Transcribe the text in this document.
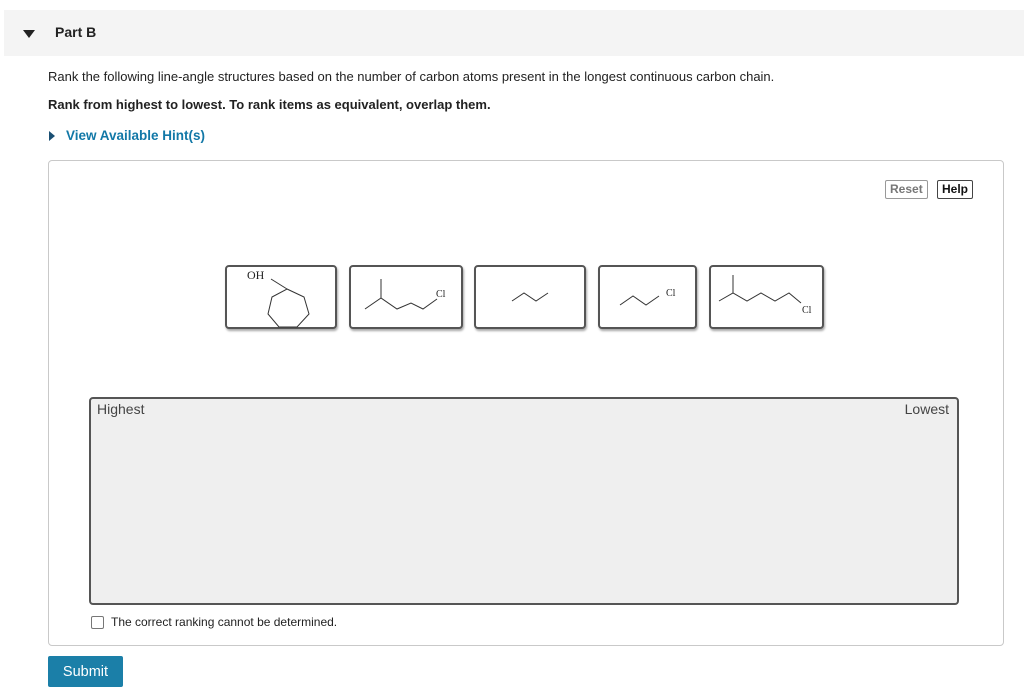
Part B
Rank the following line-angle structures based on the number of carbon atoms present in the longest continuous carbon chain.
Rank from highest to lowest. To rank items as equivalent, overlap them.
View Available Hint(s)
Reset	Help
OH
Cl	Cl
Cl
Highest	Lowest
The correct ranking cannot be determined.
Submit
